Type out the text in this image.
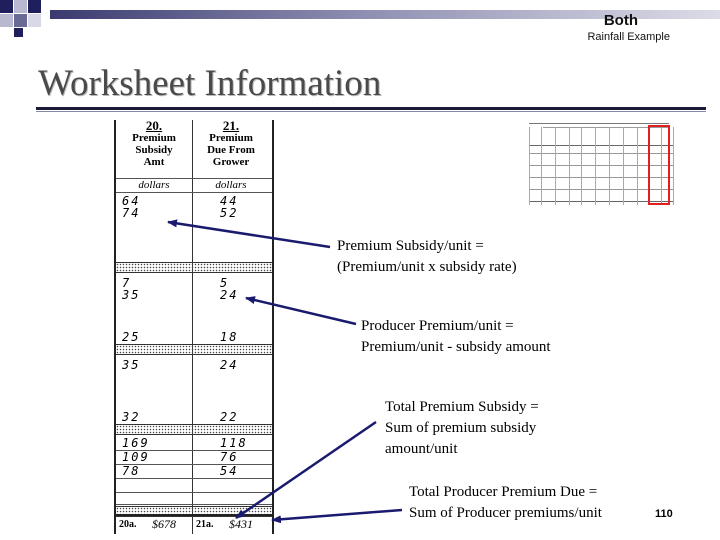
Both
Rainfall Example
Worksheet Information
20.
Premium
Subsidy
Amt
21.
Premium
Due From
Grower
dollars	dollars
64	44
74	52
7	5
35	24
25	18
35	24
32	22
169	118
109	76
78	54
20a. $678 21a. $431
Premium Subsidy/unit =
(Premium/unit x subsidy rate)
Producer Premium/unit =
Premium/unit - subsidy amount
Total Premium Subsidy =
Sum of premium subsidy
amount/unit
Total Producer Premium Due =
Sum of Producer premiums/unit	110
